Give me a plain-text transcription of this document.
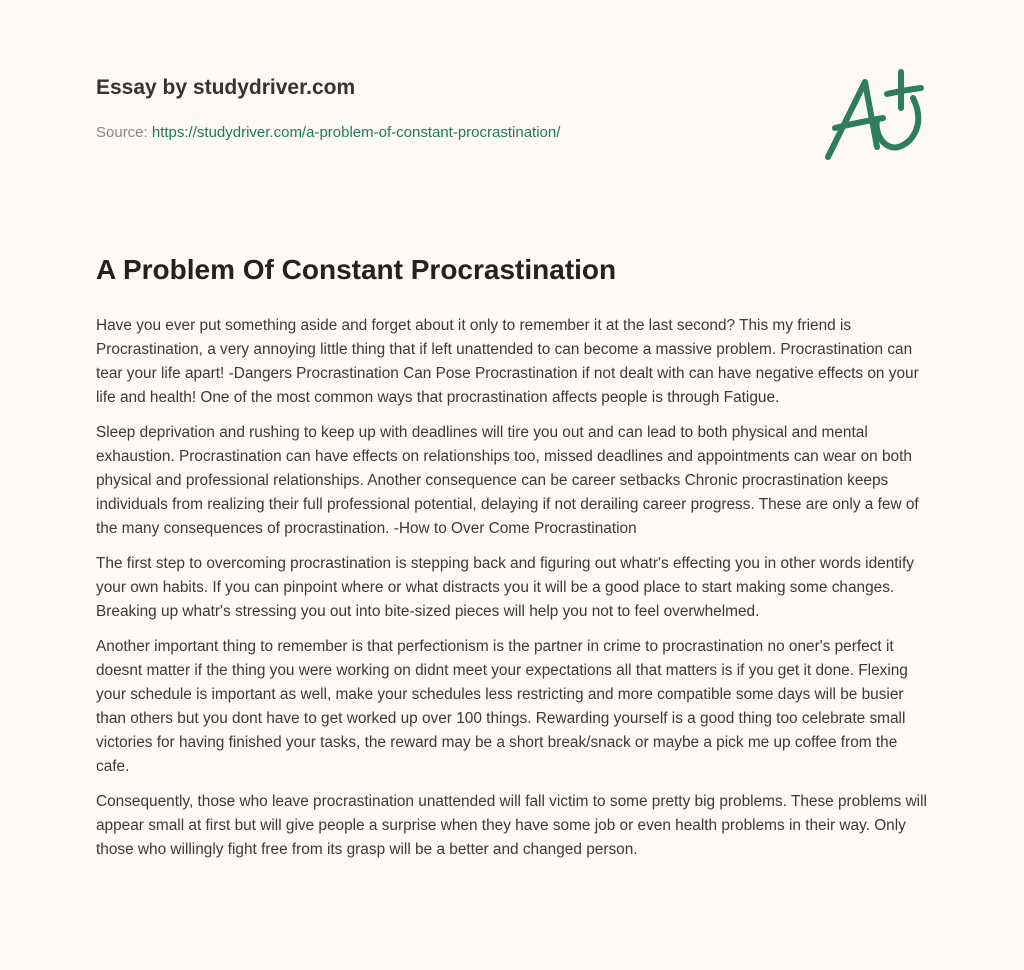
Essay by studydriver.com
Source: https://studydriver.com/a-problem-of-constant-procrastination/
A Problem Of Constant Procrastination

Have you ever put something aside and forget about it only to remember it at the last second? This my friend is Procrastination, a very annoying little thing that if left unattended to can become a massive problem. Procrastination can tear your life apart! -Dangers Procrastination Can Pose Procrastination if not dealt with can have negative effects on your life and health! One of the most common ways that procrastination affects people is through Fatigue.

Sleep deprivation and rushing to keep up with deadlines will tire you out and can lead to both physical and mental exhaustion. Procrastination can have effects on relationships too, missed deadlines and appointments can wear on both physical and professional relationships. Another consequence can be career setbacks Chronic procrastination keeps individuals from realizing their full professional potential, delaying if not derailing career progress. These are only a few of the many consequences of procrastination. -How to Over Come Procrastination

The first step to overcoming procrastination is stepping back and figuring out whatr's effecting you in other words identify your own habits. If you can pinpoint where or what distracts you it will be a good place to start making some changes. Breaking up whatr's stressing you out into bite-sized pieces will help you not to feel overwhelmed.

Another important thing to remember is that perfectionism is the partner in crime to procrastination no oner's perfect it doesnt matter if the thing you were working on didnt meet your expectations all that matters is if you get it done. Flexing your schedule is important as well, make your schedules less restricting and more compatible some days will be busier than others but you dont have to get worked up over 100 things. Rewarding yourself is a good thing too celebrate small victories for having finished your tasks, the reward may be a short break/snack or maybe a pick me up coffee from the cafe.

Consequently, those who leave procrastination unattended will fall victim to some pretty big problems. These problems will appear small at first but will give people a surprise when they have some job or even health problems in their way. Only those who willingly fight free from its grasp will be a better and changed person.
